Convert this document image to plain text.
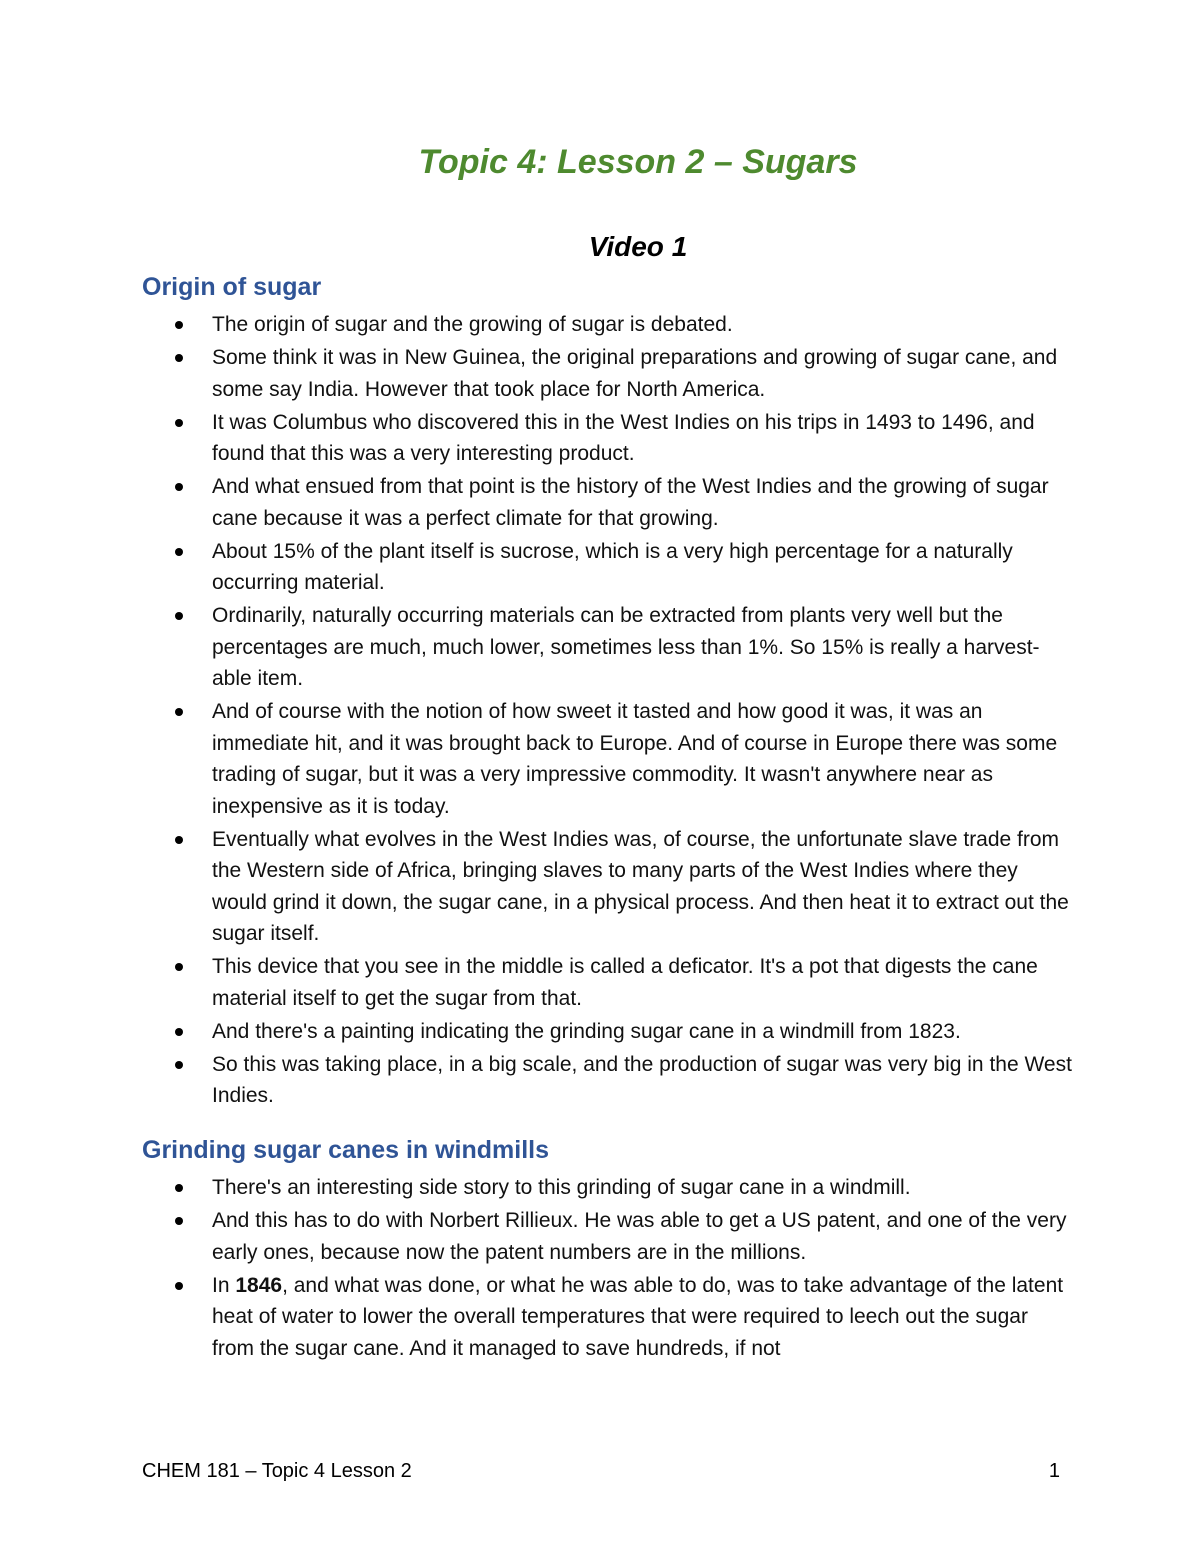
Topic 4: Lesson 2 – Sugars
Video 1
Origin of sugar
The origin of sugar and the growing of sugar is debated.
Some think it was in New Guinea, the original preparations and growing of sugar cane, and some say India. However that took place for North America.
It was Columbus who discovered this in the West Indies on his trips in 1493 to 1496, and found that this was a very interesting product.
And what ensued from that point is the history of the West Indies and the growing of sugar cane because it was a perfect climate for that growing.
About 15% of the plant itself is sucrose, which is a very high percentage for a naturally occurring material.
Ordinarily, naturally occurring materials can be extracted from plants very well but the percentages are much, much lower, sometimes less than 1%. So 15% is really a harvest-able item.
And of course with the notion of how sweet it tasted and how good it was, it was an immediate hit, and it was brought back to Europe. And of course in Europe there was some trading of sugar, but it was a very impressive commodity. It wasn't anywhere near as inexpensive as it is today.
Eventually what evolves in the West Indies was, of course, the unfortunate slave trade from the Western side of Africa, bringing slaves to many parts of the West Indies where they would grind it down, the sugar cane, in a physical process. And then heat it to extract out the sugar itself.
This device that you see in the middle is called a deficator. It's a pot that digests the cane material itself to get the sugar from that.
And there's a painting indicating the grinding sugar cane in a windmill from 1823.
So this was taking place, in a big scale, and the production of sugar was very big in the West Indies.
Grinding sugar canes in windmills
There's an interesting side story to this grinding of sugar cane in a windmill.
And this has to do with Norbert Rillieux. He was able to get a US patent, and one of the very early ones, because now the patent numbers are in the millions.
In 1846, and what was done, or what he was able to do, was to take advantage of the latent heat of water to lower the overall temperatures that were required to leech out the sugar from the sugar cane. And it managed to save hundreds, if not
CHEM 181 – Topic 4 Lesson 2	1
